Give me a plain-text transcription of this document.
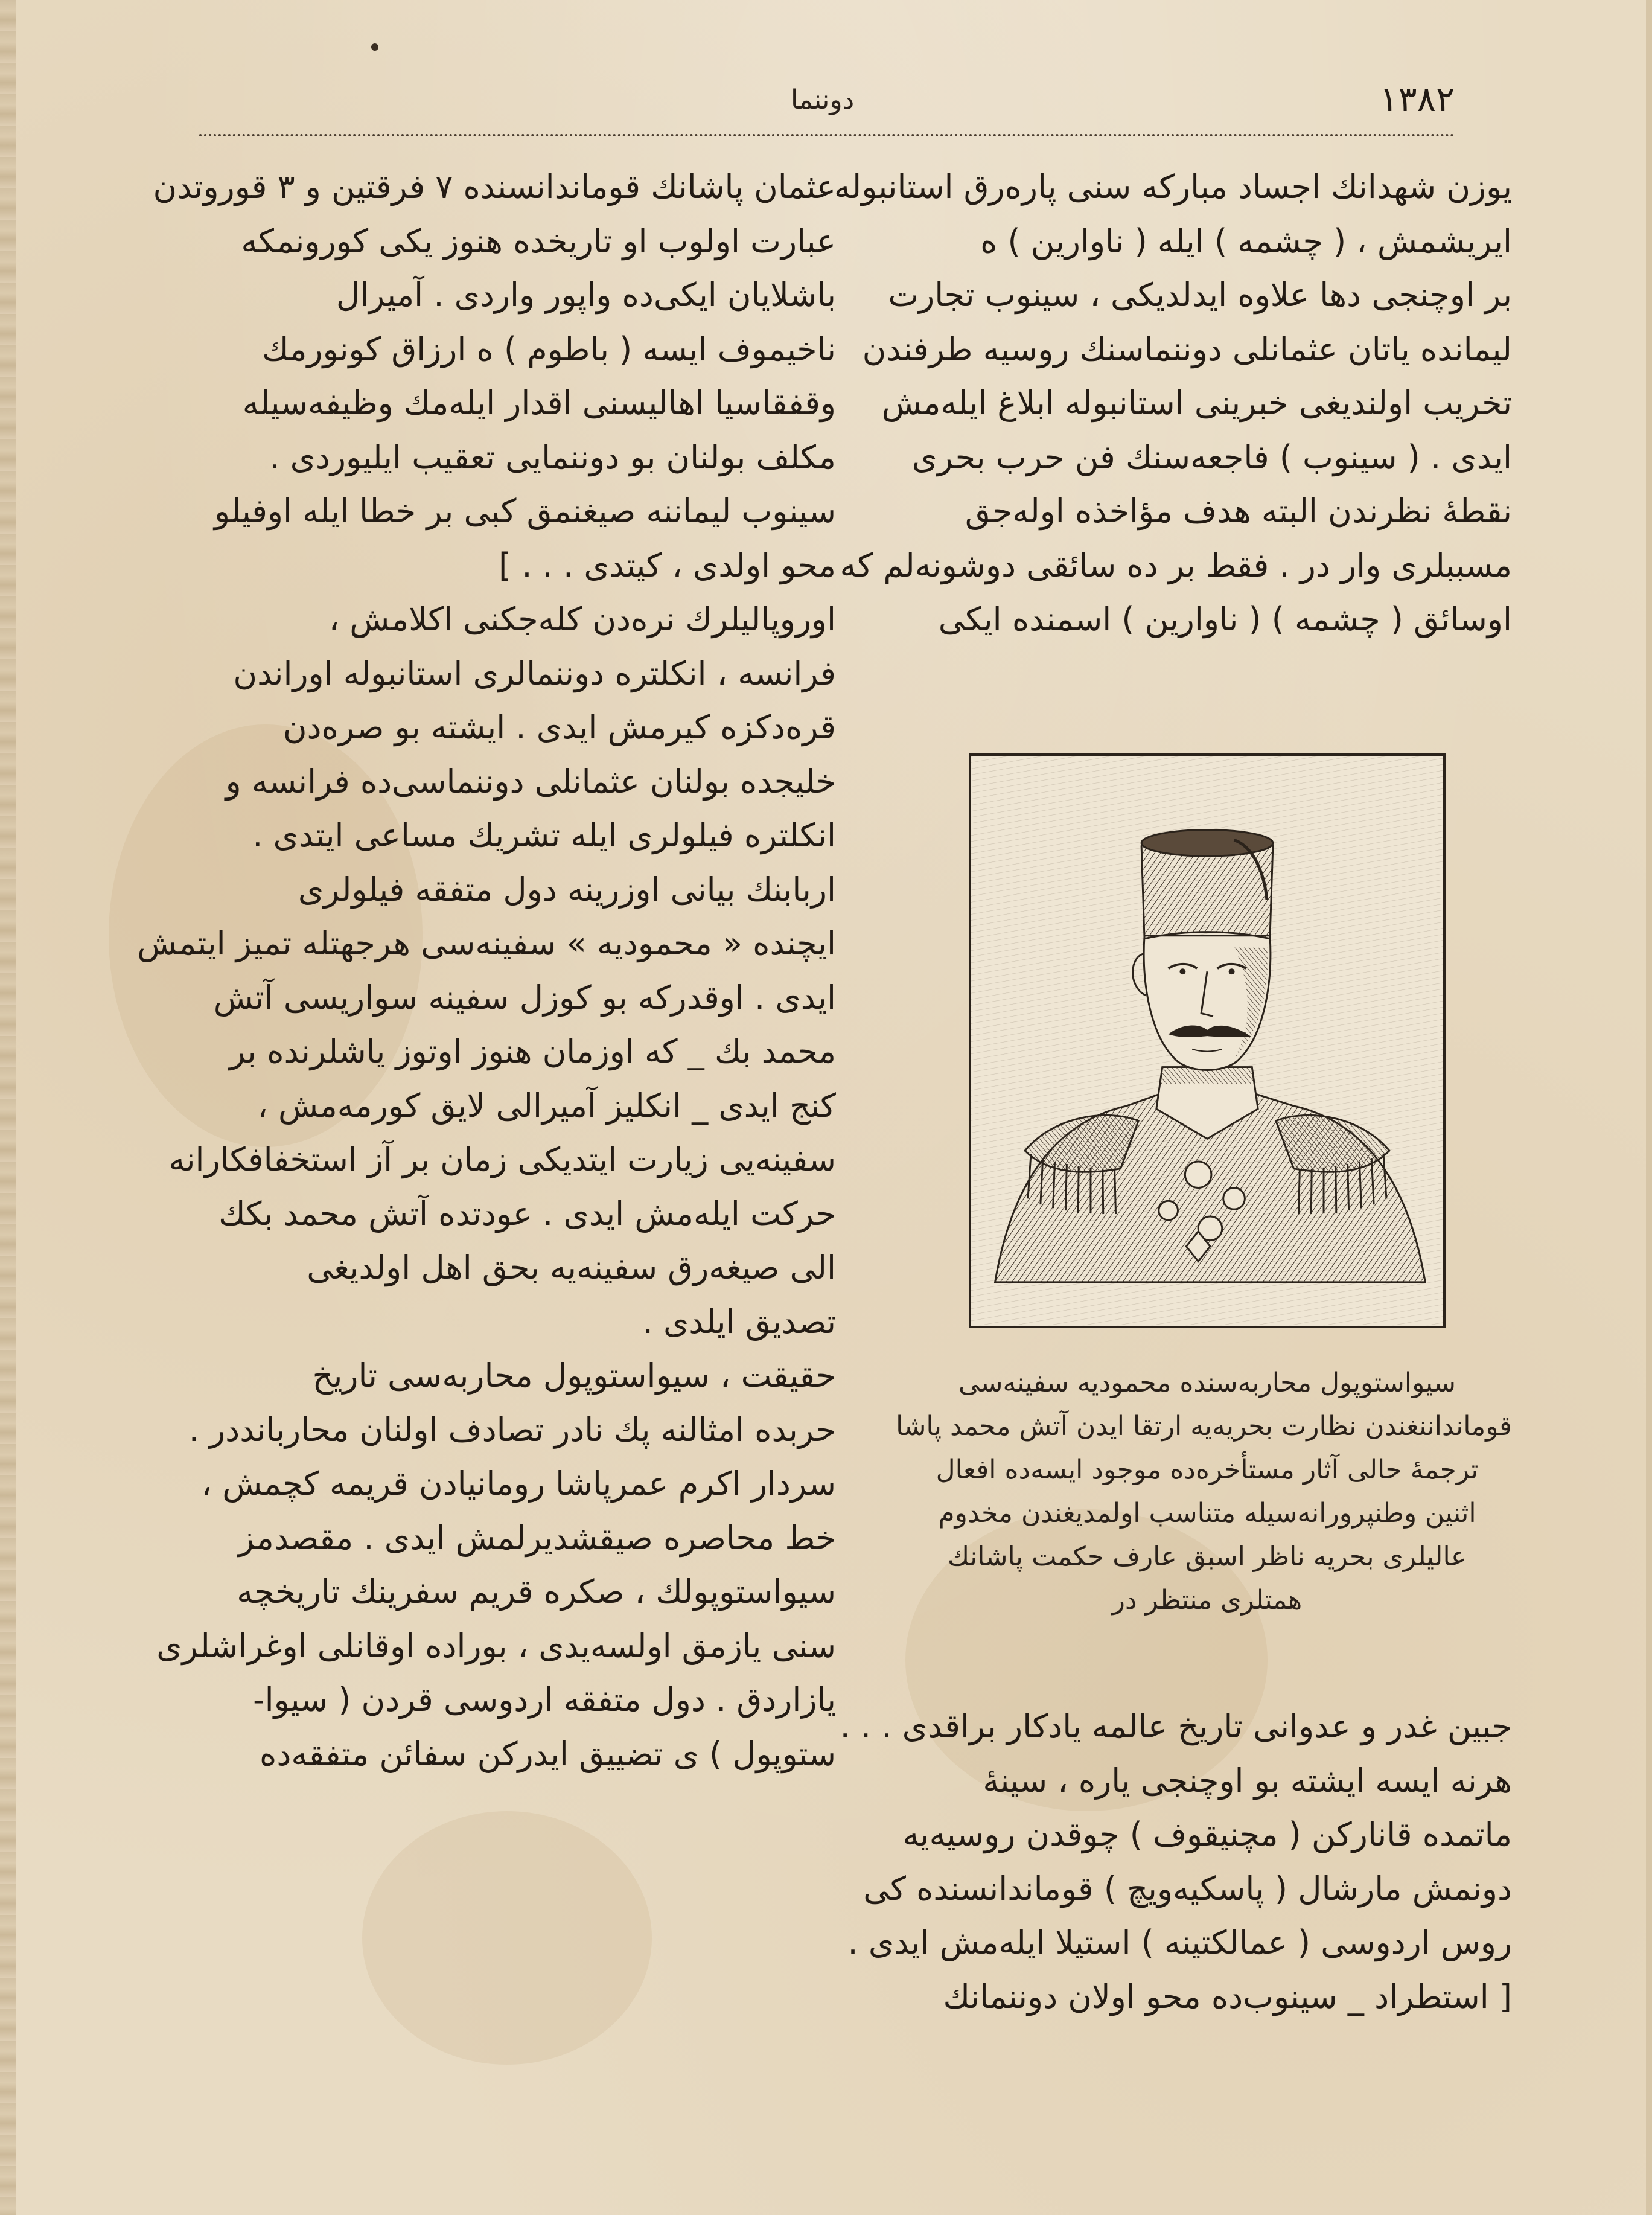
١٣٨٢
دوننما
یوزن شهدانك اجساد مباركه سنی پاره‌رق استانبوله
ایریشمش ، ( چشمه ) ایله ( ناوارین ) ه
بر اوچنجی دها علاوه ایدلدیکی ، سینوب تجارت
لیمانده یاتان عثمانلی دوننماسنك روسیه طرفندن
تخریب اولندیغی خبرینی استانبوله ابلاغ ایله‌مش
ایدی . ( سینوب ) فاجعه‌سنك فن حرب بحری
نقطهٔ نظرندن البته هدف مؤاخذه اوله‌جق
مسببلری وار در . فقط بر ده سائقی دوشونه‌لم که
اوسائق ( چشمه ) ( ناوارین ) اسمنده ایکی
سیواستوپول محاربه‌سنده محمودیه سفینه‌سی
قومانداننغندن نظارت بحریه‌یه ارتقا ایدن آتش محمد پاشا
ترجمهٔ حالی آثار مستأخره‌ده موجود ایسه‌ده افعال
اثنین وطنپرورانه‌سیله متناسب اولمدیغندن مخدوم
عالیلری بحریه ناظر اسبق عارف حکمت پاشانك
همتلری منتظر در
جبین غدر و عدوانی تاریخ عالمه یادکار براقدی . . .
هرنه ایسه ایشته بو اوچنجی یاره ، سینهٔ
ماتمده قانارکن ( مچنیقوف ) چوقدن روسیه‌یه
دونمش مارشال ( پاسکیه‌ویچ ) قوماندانسنده کی
روس اردوسی ( عمالکتینه ) استیلا ایله‌مش ایدی .
[ استطراد _ سینوب‌ده محو اولان دوننمانك
عثمان پاشانك قوماندانسنده ۷ فرقتین و ۳ قوروتدن
عبارت اولوب او تاریخده هنوز یکی کورونمکه
باشلایان ایکی‌ده واپور واردی . آمیرال
ناخیموف ایسه ( باطوم ) ه ارزاق کونورمك
وقفقاسیا اهالیسنی اقدار ایله‌مك وظیفه‌سیله
مکلف بولنان بو دوننمایی تعقیب ایلیوردی .
سینوب لیماننه صیغنمق کبی بر خطا ایله اوفیلو
محو اولدی ، کیتدی . . . ]
اوروپالیلرك نره‌دن کله‌جکنی اکلامش ،
فرانسه ، انکلتره دوننمالری استانبوله اوراندن
قره‌دکزه کیرمش ایدی . ایشته بو صره‌دن
خلیجده بولنان عثمانلی دوننماسی‌ده فرانسه و
انکلتره فیلولری ایله تشریك مساعی ایتدی .
اربابنك بیانی اوزرینه دول متفقه فیلولری
ایچنده « محمودیه » سفینه‌سی هرجهتله تمیز ایتمش
ایدی . اوقدرکه بو کوزل سفینه سواریسی آتش
محمد بك _ که اوزمان هنوز اوتوز یاشلرنده بر
کنج ایدی _ انکلیز آمیرالی لایق کورمه‌مش ،
سفینه‌یی زیارت ایتدیکی زمان بر آز استخفافکارانه
حرکت ایله‌مش ایدی . عودتده آتش محمد بکك
الی صیغه‌رق سفینه‌یه بحق اهل اولدیغی
تصدیق ایلدی .
حقیقت ، سیواستوپول محاربه‌سی تاریخ
حربده امثالنه پك نادر تصادف اولنان محاربانددر .
سردار اکرم عمرپاشا رومانیادن قریمه کچمش ،
خط محاصره صیقشدیرلمش ایدی . مقصدمز
سیواستوپولك ، صکره قریم سفرینك تاریخچه‌
سنی یازمق اولسه‌یدی ، بوراده اوقانلی اوغراشلری
یازاردق . دول متفقه اردوسی قردن ( سیوا-
ستوپول ) ی تضییق ایدرکن سفائن متفقه‌ده
